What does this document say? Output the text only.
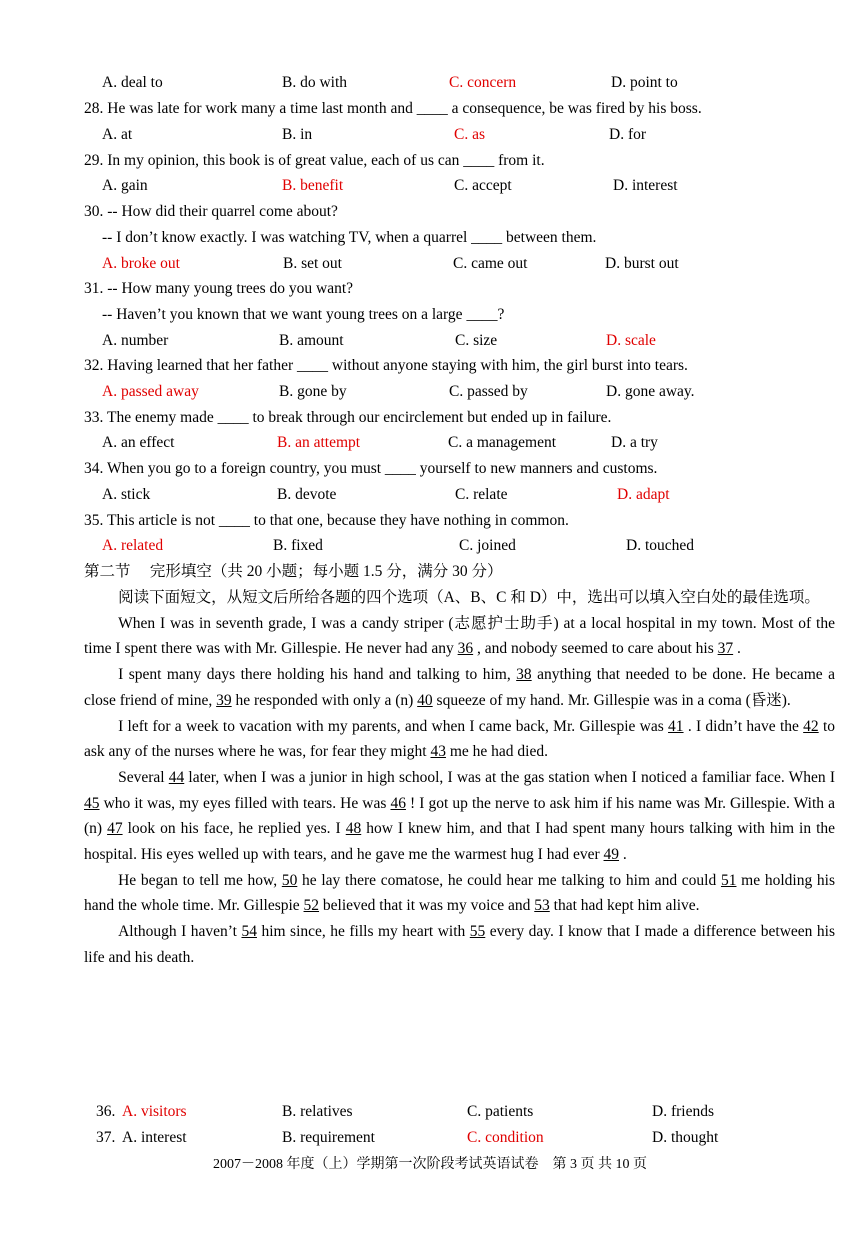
A. deal to	B. do with	C. concern	D. point to
28. He was late for work many a time last month and ____ a consequence, be was fired by his boss.
A. at	B. in	C. as	D. for
29. In my opinion, this book is of great value, each of us can ____ from it.
A. gain	B. benefit	C. accept	D. interest
30. -- How did their quarrel come about?
-- I don’t know exactly. I was watching TV, when a quarrel ____ between them.
A. broke out	B. set out	C. came out	D. burst out
31. -- How many young trees do you want?
-- Haven’t you known that we want young trees on a large ____?
A. number	B. amount	C. size	D. scale
32. Having learned that her father ____ without anyone staying with him, the girl burst into tears.
A. passed away	B. gone by	C. passed by	D. gone away.
33. The enemy made ____ to break through our encirclement but ended up in failure.
A. an effect	B. an attempt	C. a management	D. a try
34. When you go to a foreign country, you must ____ yourself to new manners and customs.
A. stick	B. devote	C. relate	D. adapt
35. This article is not ____ to that one, because they have nothing in common.
A. related	B. fixed	C. joined	D. touched
第二节　 完形填空（共 20 小题；每小题 1.5 分，满分 30 分）

阅读下面短文，从短文后所给各题的四个选项（A、B、C 和 D）中，选出可以填入空白处的最佳选项。

When I was in seventh grade, I was a candy striper (志愿护士助手) at a local hospital in my town. Most of the time I spent there was with Mr. Gillespie. He never had any 36 , and nobody seemed to care about his 37 .

I spent many days there holding his hand and talking to him, 38 anything that needed to be done. He became a close friend of mine, 39 he responded with only a (n) 40 squeeze of my hand. Mr. Gillespie was in a coma (昏迷).

I left for a week to vacation with my parents, and when I came back, Mr. Gillespie was 41 . I didn’t have the 42 to ask any of the nurses where he was, for fear they might 43 me he had died.

Several 44 later, when I was a junior in high school, I was at the gas station when I noticed a familiar face. When I 45 who it was, my eyes filled with tears. He was 46 ! I got up the nerve to ask him if his name was Mr. Gillespie. With a (n) 47 look on his face, he replied yes. I 48 how I knew him, and that I had spent many hours talking with him in the hospital. His eyes welled up with tears, and he gave me the warmest hug I had ever 49 .

He began to tell me how, 50 he lay there comatose, he could hear me talking to him and could 51 me holding his hand the whole time. Mr. Gillespie 52 believed that it was my voice and 53 that had kept him alive.

Although I haven’t 54 him since, he fills my heart with 55 every day. I know that I made a difference between his life and his death.

36. A. visitors	B. relatives	C. patients	D. friends
37. A. interest	B. requirement	C. condition	D. thought
2007－2008 年度（上）学期第一次阶段考试英语试卷　第 3 页 共 10 页
